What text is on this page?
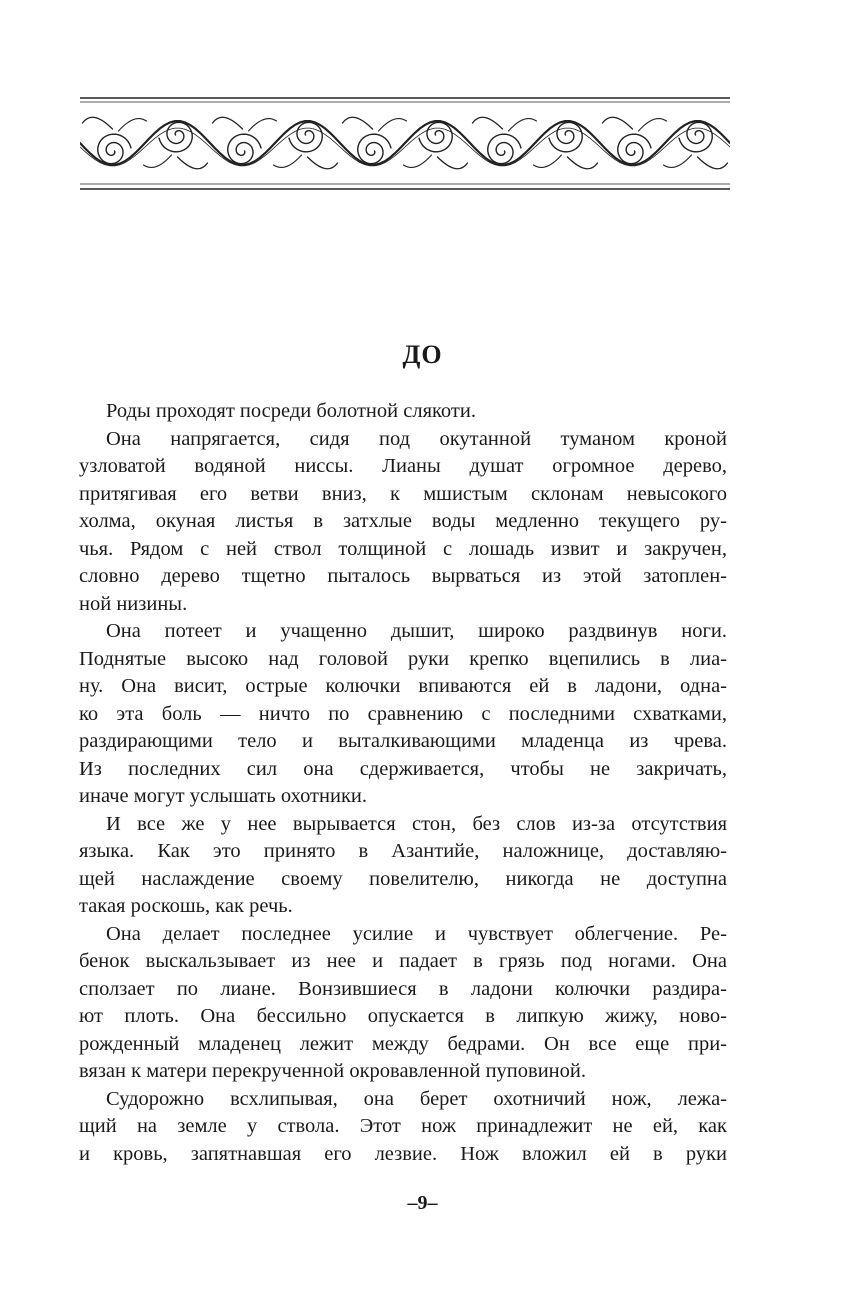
ДО

Роды проходят посреди болотной слякоти.

Она напрягается, сидя под окутанной туманом кроной
узловатой водяной ниссы. Лианы душат огромное дерево,
притягивая его ветви вниз, к мшистым склонам невысокого
холма, окуная листья в затхлые воды медленно текущего ру-
чья. Рядом с ней ствол толщиной с лошадь извит и закручен,
словно дерево тщетно пыталось вырваться из этой затоплен-
ной низины.

Она потеет и учащенно дышит, широко раздвинув ноги.
Поднятые высоко над головой руки крепко вцепились в лиа-
ну. Она висит, острые колючки впиваются ей в ладони, одна-
ко эта боль — ничто по сравнению с последними схватками,
раздирающими тело и выталкивающими младенца из чрева.
Из последних сил она сдерживается, чтобы не закричать,
иначе могут услышать охотники.

И все же у нее вырывается стон, без слов из-за отсутствия
языка. Как это принято в Азантийе, наложнице, доставляю-
щей наслаждение своему повелителю, никогда не доступна
такая роскошь, как речь.

Она делает последнее усилие и чувствует облегчение. Ре-
бенок выскальзывает из нее и падает в грязь под ногами. Она
сползает по лиане. Вонзившиеся в ладони колючки раздира-
ют плоть. Она бессильно опускается в липкую жижу, ново-
рожденный младенец лежит между бедрами. Он все еще при-
вязан к матери перекрученной окровавленной пуповиной.

Судорожно всхлипывая, она берет охотничий нож, лежа-
щий на земле у ствола. Этот нож принадлежит не ей, как
и кровь, запятнавшая его лезвие. Нож вложил ей в руки

–9–
